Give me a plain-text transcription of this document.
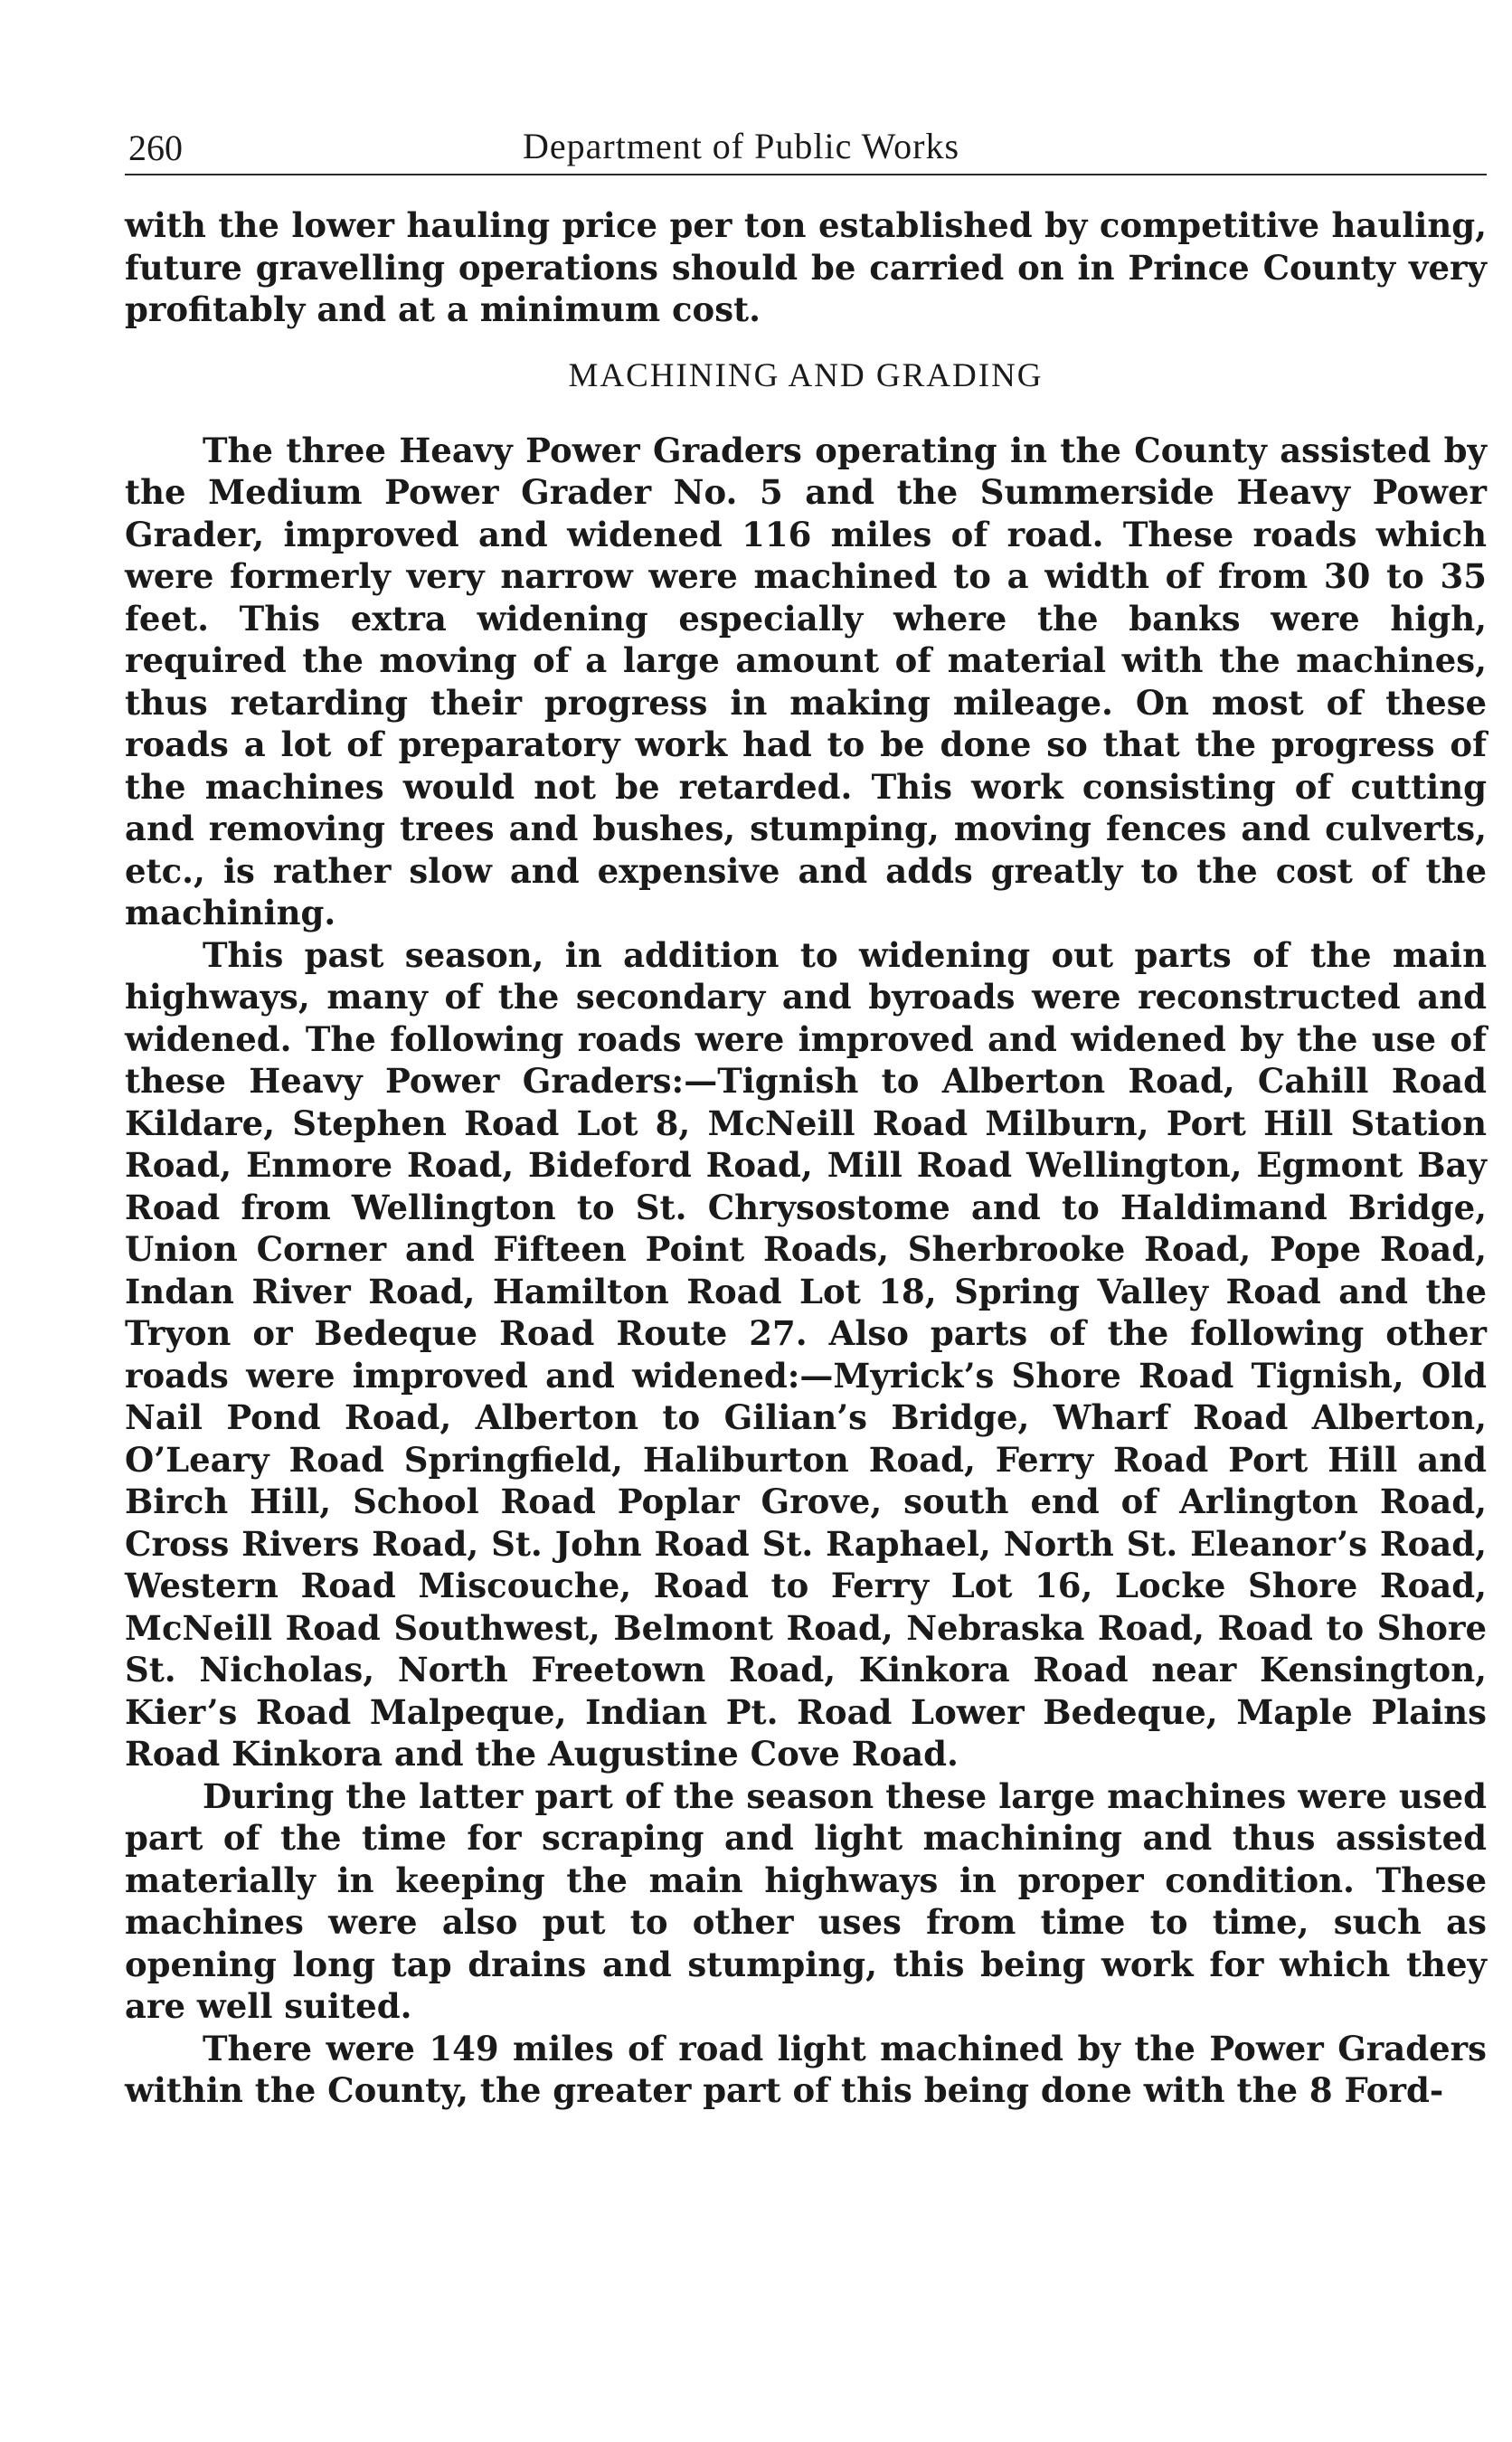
260	Department of Public Works

with the lower hauling price per ton established by competitive hauling, future gravelling operations should be carried on in Prince County very profitably and at a minimum cost.

MACHINING AND GRADING

The three Heavy Power Graders operating in the County assisted by the Medium Power Grader No. 5 and the Summerside Heavy Power Grader, improved and widened 116 miles of road. These roads which were formerly very narrow were machined to a width of from 30 to 35 feet. This extra widening especially where the banks were high, required the moving of a large amount of material with the machines, thus retarding their progress in making mileage. On most of these roads a lot of preparatory work had to be done so that the progress of the machines would not be retarded. This work consisting of cutting and removing trees and bushes, stumping, moving fences and culverts, etc., is rather slow and expensive and adds greatly to the cost of the machining.

This past season, in addition to widening out parts of the main highways, many of the secondary and byroads were reconstructed and widened. The following roads were improved and widened by the use of these Heavy Power Graders:—Tignish to Alberton Road, Cahill Road Kildare, Stephen Road Lot 8, McNeill Road Milburn, Port Hill Station Road, Enmore Road, Bideford Road, Mill Road Wellington, Egmont Bay Road from Wellington to St. Chrysostome and to Haldimand Bridge, Union Corner and Fifteen Point Roads, Sherbrooke Road, Pope Road, Indan River Road, Hamilton Road Lot 18, Spring Valley Road and the Tryon or Bedeque Road Route 27. Also parts of the following other roads were improved and widened:—Myrick’s Shore Road Tignish, Old Nail Pond Road, Alberton to Gilian’s Bridge, Wharf Road Alberton, O’Leary Road Springfield, Haliburton Road, Ferry Road Port Hill and Birch Hill, School Road Poplar Grove, south end of Arlington Road, Cross Rivers Road, St. John Road St. Raphael, North St. Eleanor’s Road, Western Road Miscouche, Road to Ferry Lot 16, Locke Shore Road, McNeill Road Southwest, Belmont Road, Nebraska Road, Road to Shore St. Nicholas, North Freetown Road, Kinkora Road near Kensington, Kier’s Road Malpeque, Indian Pt. Road Lower Bedeque, Maple Plains Road Kinkora and the Augustine Cove Road.

During the latter part of the season these large machines were used part of the time for scraping and light machining and thus assisted materially in keeping the main highways in proper condition. These machines were also put to other uses from time to time, such as opening long tap drains and stumping, this being work for which they are well suited.

There were 149 miles of road light machined by the Power Graders within the County, the greater part of this being done with the 8 Ford-
